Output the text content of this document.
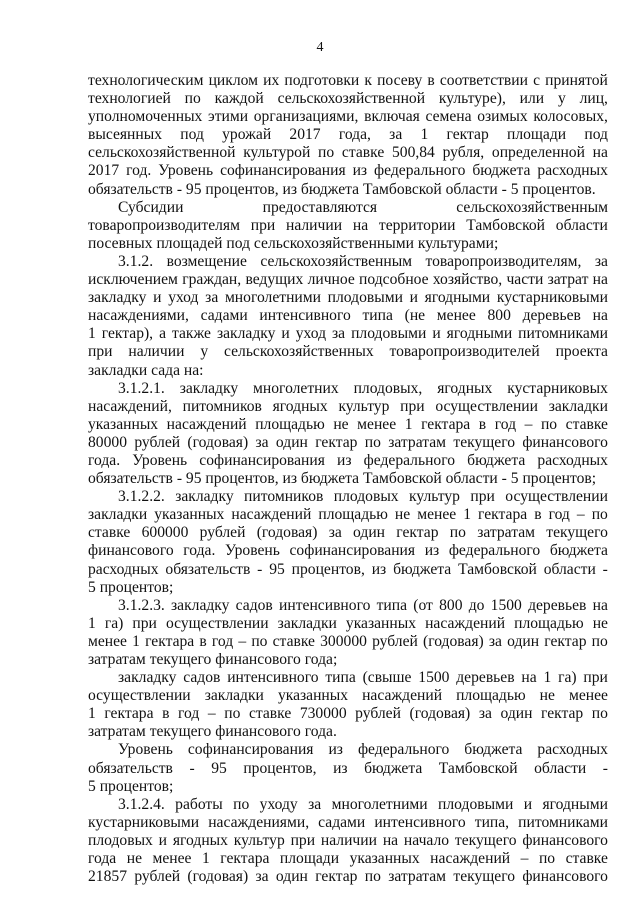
4
технологическим циклом их подготовки к посеву в соответствии с принятой
технологией по каждой сельскохозяйственной культуре), или у лиц,
уполномоченных этими организациями, включая семена озимых колосовых,
высеянных под урожай 2017 года, за 1 гектар площади под
сельскохозяйственной культурой по ставке 500,84 рубля, определенной на
2017 год. Уровень софинансирования из федерального бюджета расходных
обязательств - 95 процентов, из бюджета Тамбовской области - 5 процентов.
Субсидии	предоставляются	сельскохозяйственным
товаропроизводителям при наличии на территории Тамбовской области
посевных площадей под сельскохозяйственными культурами;
3.1.2. возмещение сельскохозяйственным товаропроизводителям, за
исключением граждан, ведущих личное подсобное хозяйство, части затрат на
закладку и уход за многолетними плодовыми и ягодными кустарниковыми
насаждениями, садами интенсивного типа (не менее 800 деревьев на
1 гектар), а также закладку и уход за плодовыми и ягодными питомниками
при наличии у сельскохозяйственных товаропроизводителей проекта
закладки сада на:
3.1.2.1. закладку многолетних плодовых, ягодных кустарниковых
насаждений, питомников ягодных культур при осуществлении закладки
указанных насаждений площадью не менее 1 гектара в год – по ставке
80000 рублей (годовая) за один гектар по затратам текущего финансового
года. Уровень софинансирования из федерального бюджета расходных
обязательств - 95 процентов, из бюджета Тамбовской области - 5 процентов;
3.1.2.2. закладку питомников плодовых культур при осуществлении
закладки указанных насаждений площадью не менее 1 гектара в год – по
ставке 600000 рублей (годовая) за один гектар по затратам текущего
финансового года. Уровень софинансирования из федерального бюджета
расходных обязательств - 95 процентов, из бюджета Тамбовской области -
5 процентов;
3.1.2.3. закладку садов интенсивного типа (от 800 до 1500 деревьев на
1 га) при осуществлении закладки указанных насаждений площадью не
менее 1 гектара в год – по ставке 300000 рублей (годовая) за один гектар по
затратам текущего финансового года;
закладку садов интенсивного типа (свыше 1500 деревьев на 1 га) при
осуществлении закладки указанных насаждений площадью не менее
1 гектара в год – по ставке 730000 рублей (годовая) за один гектар по
затратам текущего финансового года.
Уровень софинансирования из федерального бюджета расходных
обязательств - 95 процентов, из бюджета Тамбовской области -
5 процентов;
3.1.2.4. работы по уходу за многолетними плодовыми и ягодными
кустарниковыми насаждениями, садами интенсивного типа, питомниками
плодовых и ягодных культур при наличии на начало текущего финансового
года не менее 1 гектара площади указанных насаждений – по ставке
21857 рублей (годовая) за один гектар по затратам текущего финансового
